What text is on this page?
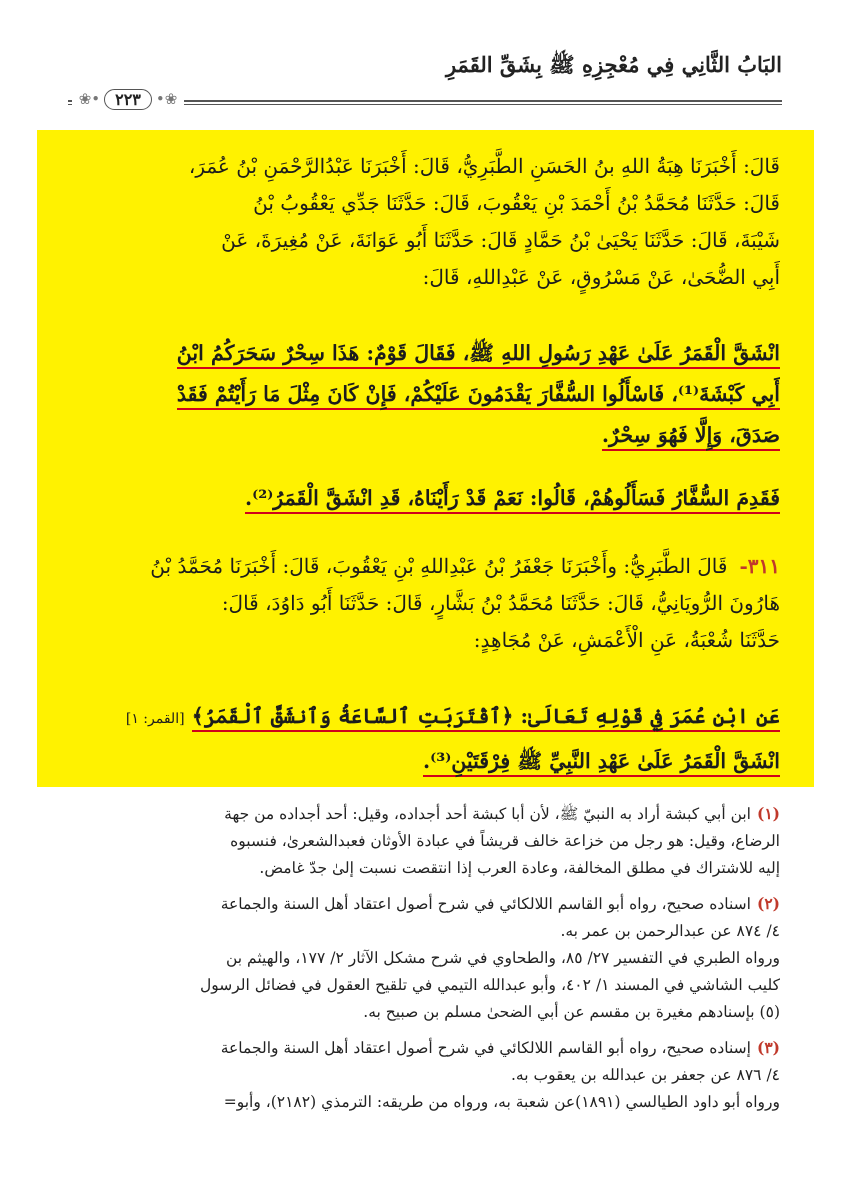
البَابُ الثَّانِي فِي مُعْجِزِهِ ﷺ بِشَقِّ القَمَرِ
❀• ٢٢٣	•❀
قَالَ: أَخْبَرَنَا هِبَةُ اللهِ بنُ الحَسَنِ الطَّبَرِيُّ، قَالَ: أَخْبَرَنَا عَبْدُالرَّحْمَنِ بْنُ عُمَرَ،
قَالَ: حَدَّثَنَا مُحَمَّدُ بْنُ أَحْمَدَ بْنِ يَعْقُوبَ، قَالَ: حَدَّثَنَا جَدِّي يَعْقُوبُ بْنُ
شَيْبَةَ، قَالَ: حَدَّثَنَا يَحْيَىٰ بْنُ حَمَّادٍ قَالَ: حَدَّثَنَا أَبُو عَوَانَةَ، عَنْ مُغِيرَةَ، عَنْ
أَبِي الضُّحَىٰ، عَنْ مَسْرُوقٍ، عَنْ عَبْدِاللهِ، قَالَ:
انْشَقَّ الْقَمَرُ عَلَىٰ عَهْدِ رَسُولِ اللهِ ﷺ، فَقَالَ قَوْمٌ: هَذَا سِحْرٌ سَحَرَكُمُ ابْنُ
أَبِي كَبْشَةَ⁽¹⁾، فَاسْأَلُوا السُّفَّارَ يَقْدَمُونَ عَلَيْكُمْ، فَإِنْ كَانَ مِثْلَ مَا رَأَيْتُمْ فَقَدْ
صَدَقَ، وَإِلَّا فَهُوَ سِحْرٌ.
فَقَدِمَ السُّفَّارُ فَسَأَلُوهُمْ، قَالُوا: نَعَمْ قَدْ رَأَيْنَاهُ، قَدِ انْشَقَّ الْقَمَرُ⁽²⁾.
٣١١-قَالَ الطَّبَرِيُّ: وأَخْبَرَنَا جَعْفَرُ بْنُ عَبْدِاللهِ بْنِ يَعْقُوبَ، قَالَ: أَخْبَرَنَا مُحَمَّدُ بْنُ
هَارُونَ الرُّويَانِيُّ، قَالَ: حَدَّثَنَا مُحَمَّدُ بْنُ بَشَّارٍ، قَالَ: حَدَّثَنَا أَبُو دَاوُدَ، قَالَ:
حَدَّثَنَا شُعْبَةُ، عَنِ الْأَعْمَشِ، عَنْ مُجَاهِدٍ:
عَنِ ابْنِ عُمَرَ فِي قَوْلِهِ تَعَالَىٰ: ﴿ٱقْتَرَبَتِ ٱلسَّاعَةُ وَٱنشَقَّ ٱلْقَمَرُ﴾ [القمر: ١]
انْشَقَّ الْقَمَرُ عَلَىٰ عَهْدِ النَّبِيِّ ﷺ فِرْقَتَيْنِ⁽³⁾.
(١)ابن أبي كبشة أراد به النبيّ ﷺ، لأن أبا كبشة أحد أجداده، وقيل: أحد أجداده من جهة
الرضاع، وقيل: هو رجل من خزاعة خالف قريشاً في عبادة الأوثان فعبدالشعرىٰ، فنسبوه
إليه للاشتراك في مطلق المخالفة، وعادة العرب إذا انتقصت نسبت إلىٰ جدّ غامض.
(٢)اسناده صحيح، رواه أبو القاسم اللالكائي في شرح أصول اعتقاد أهل السنة والجماعة
٤/ ٨٧٤ عن عبدالرحمن بن عمر به.
ورواه الطبري في التفسير ٢٧/ ٨٥، والطحاوي في شرح مشكل الآثار ٢/ ١٧٧، والهيثم بن
كليب الشاشي في المسند ١/ ٤٠٢، وأبو عبدالله التيمي في تلقيح العقول في فضائل الرسول
(٥) بإسنادهم مغيرة بن مقسم عن أبي الضحىٰ مسلم بن صبيح به.
(٣)إسناده صحيح، رواه أبو القاسم اللالكائي في شرح أصول اعتقاد أهل السنة والجماعة
٤/ ٨٧٦ عن جعفر بن عبدالله بن يعقوب به.
ورواه أبو داود الطيالسي (١٨٩١)عن شعبة به، ورواه من طريقه: الترمذي (٢١٨٢)، وأبو=
